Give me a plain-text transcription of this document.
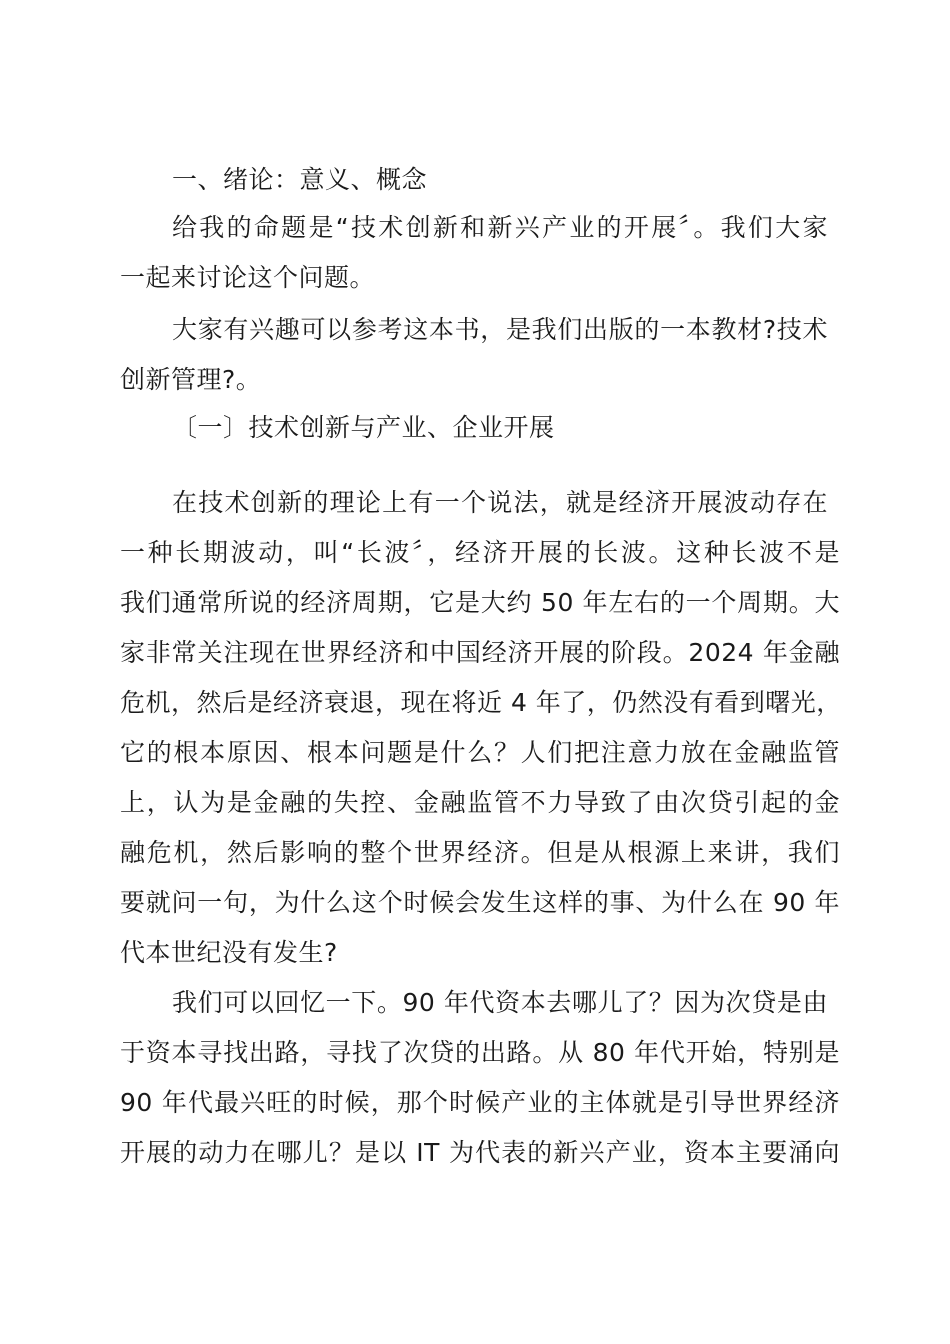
一、绪论：意义、概念
给我的命题是“技术创新和新兴产业的开展〞。我们大家
一起来讨论这个问题。
大家有兴趣可以参考这本书，是我们出版的一本教材?技术
创新管理?。
〔一〕技术创新与产业、企业开展
在技术创新的理论上有一个说法，就是经济开展波动存在
一种长期波动，叫“长波〞，经济开展的长波。这种长波不是
我们通常所说的经济周期，它是大约 50 年左右的一个周期。大
家非常关注现在世界经济和中国经济开展的阶段。2024 年金融
危机，然后是经济衰退，现在将近 4 年了，仍然没有看到曙光，
它的根本原因、根本问题是什么？人们把注意力放在金融监管
上，认为是金融的失控、金融监管不力导致了由次贷引起的金
融危机，然后影响的整个世界经济。但是从根源上来讲，我们
要就问一句，为什么这个时候会发生这样的事、为什么在 90 年
代本世纪没有发生?
我们可以回忆一下。90 年代资本去哪儿了？因为次贷是由
于资本寻找出路，寻找了次贷的出路。从 80 年代开始，特别是
90 年代最兴旺的时候，那个时候产业的主体就是引导世界经济
开展的动力在哪儿？是以 IT 为代表的新兴产业，资本主要涌向
